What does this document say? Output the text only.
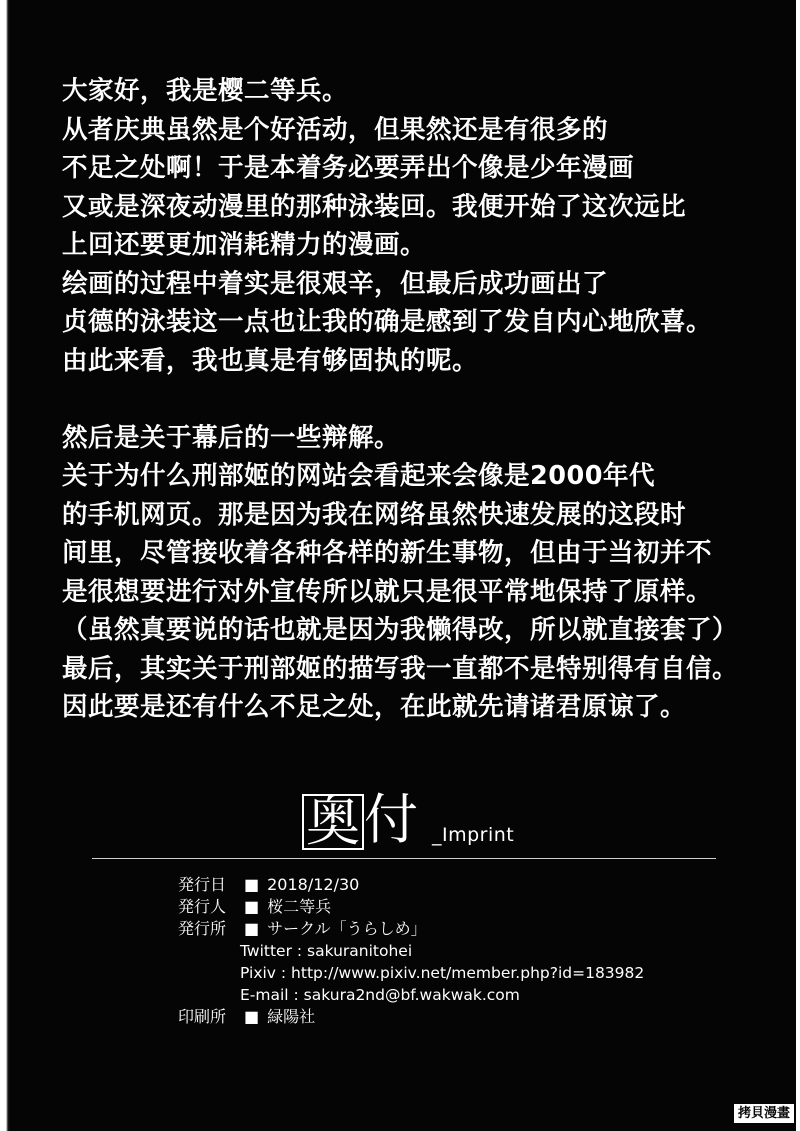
大家好，我是樱二等兵。
从者庆典虽然是个好活动，但果然还是有很多的
不足之处啊！于是本着务必要弄出个像是少年漫画
又或是深夜动漫里的那种泳装回。我便开始了这次远比
上回还要更加消耗精力的漫画。
绘画的过程中着实是很艰辛，但最后成功画出了
贞德的泳装这一点也让我的确是感到了发自内心地欣喜。
由此来看，我也真是有够固执的呢。
然后是关于幕后的一些辩解。
关于为什么刑部姬的网站会看起来会像是2000年代
的手机网页。那是因为我在网络虽然快速发展的这段时
间里，尽管接收着各种各样的新生事物，但由于当初并不
是很想要进行对外宣传所以就只是很平常地保持了原样。
（虽然真要说的话也就是因为我懒得改，所以就直接套了）
最后，其实关于刑部姬的描写我一直都不是特别得有自信。
因此要是还有什么不足之处，在此就先请诸君原谅了。
奥付 _Imprint
発行日 ■ 2018/12/30
発行人 ■ 桜二等兵
発行所 ■ サークル「うらしめ」
Twitter : sakuranitohei
Pixiv : http://www.pixiv.net/member.php?id=183982
E-mail : sakura2nd@bf.wakwak.com
印刷所 ■ 緑陽社
拷貝漫畫
